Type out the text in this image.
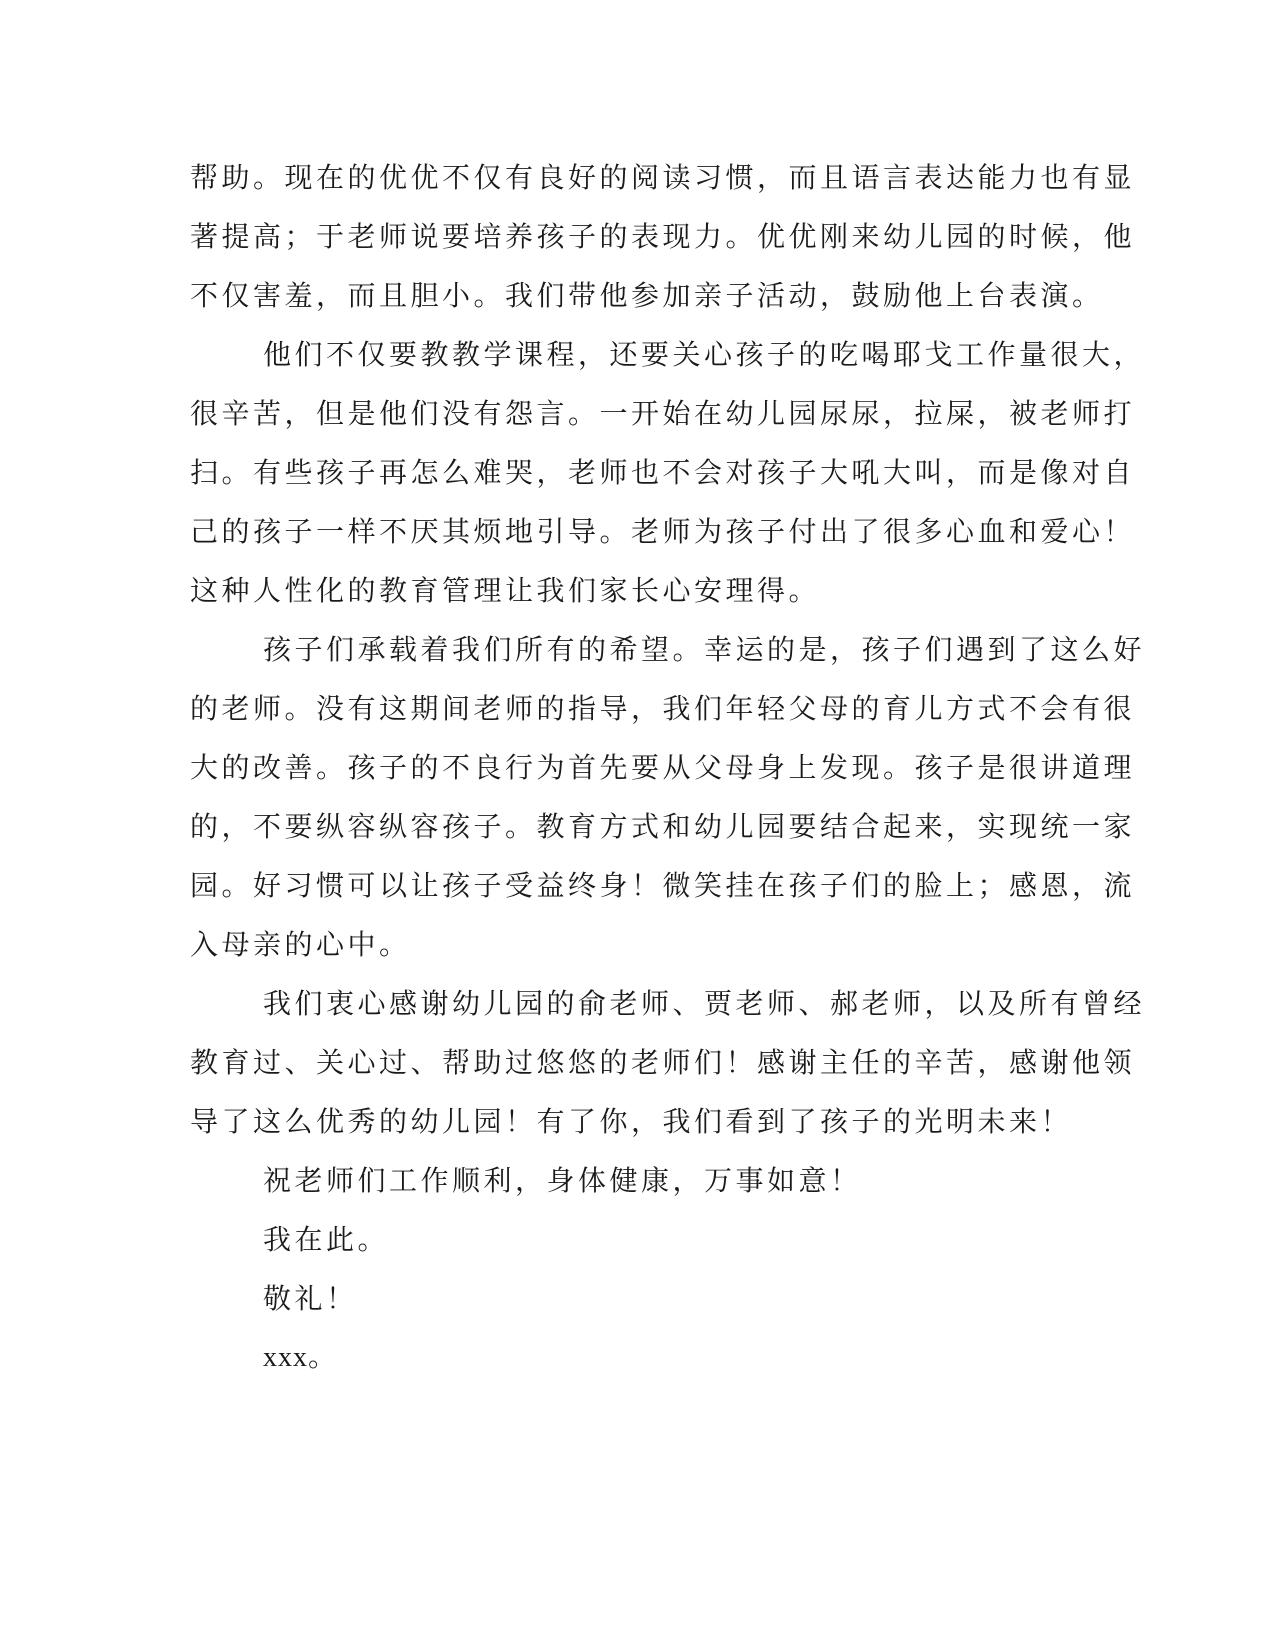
帮助。现在的优优不仅有良好的阅读习惯，而且语言表达能力也有显
著提高；于老师说要培养孩子的表现力。优优刚来幼儿园的时候，他
不仅害羞，而且胆小。我们带他参加亲子活动，鼓励他上台表演。
他们不仅要教教学课程，还要关心孩子的吃喝耶戈工作量很大，
很辛苦，但是他们没有怨言。一开始在幼儿园尿尿，拉屎，被老师打
扫。有些孩子再怎么难哭，老师也不会对孩子大吼大叫，而是像对自
己的孩子一样不厌其烦地引导。老师为孩子付出了很多心血和爱心！
这种人性化的教育管理让我们家长心安理得。
孩子们承载着我们所有的希望。幸运的是，孩子们遇到了这么好
的老师。没有这期间老师的指导，我们年轻父母的育儿方式不会有很
大的改善。孩子的不良行为首先要从父母身上发现。孩子是很讲道理
的，不要纵容纵容孩子。教育方式和幼儿园要结合起来，实现统一家
园。好习惯可以让孩子受益终身！微笑挂在孩子们的脸上；感恩，流
入母亲的心中。
我们衷心感谢幼儿园的俞老师、贾老师、郝老师，以及所有曾经
教育过、关心过、帮助过悠悠的老师们！感谢主任的辛苦，感谢他领
导了这么优秀的幼儿园！有了你，我们看到了孩子的光明未来！
祝老师们工作顺利，身体健康，万事如意！
我在此。
敬礼！
xxx。
